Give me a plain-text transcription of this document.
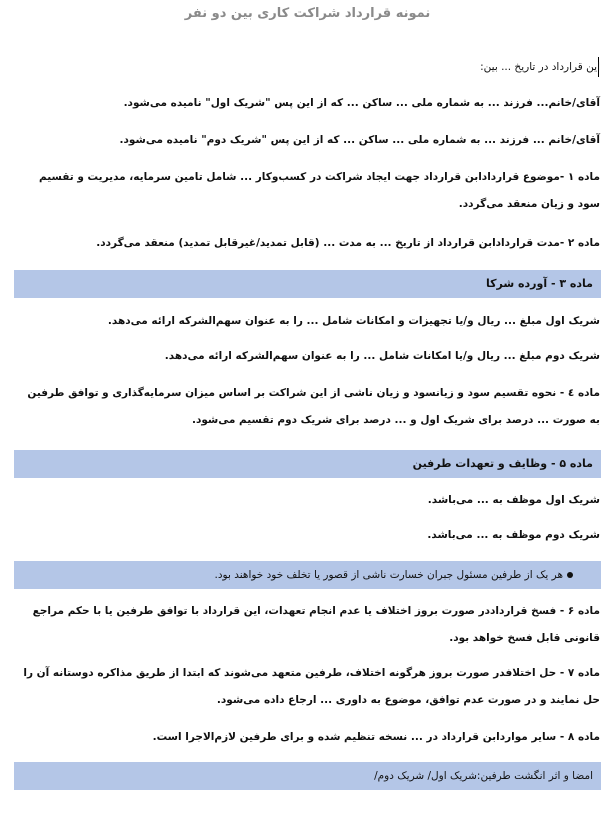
نمونه قرارداد شراکت کاری بین دو نفر
این قرارداد در تاریخ ... بین:
آقای/خانم... فرزند ... به شماره ملی ... ساکن ... که از این پس "شریک اول" نامیده می‌شود.
آقای/خانم ... فرزند ... به شماره ملی ... ساکن ... که از این پس "شریک دوم" نامیده می‌شود.
ماده ۱ -موضوع قراردادابن قرارداد جهت ایجاد شراکت در کسب‌وکار ... شامل تامین سرمایه، مدیریت و تقسیم سود و زیان منعقد می‌گردد.
ماده ۲ -مدت قراردادابن قرارداد از تاریخ ... به مدت ... (قابل تمدید/غیرقابل تمدید) منعقد می‌گردد.
ماده ۳ - آورده شرکا
شریک اول مبلغ ... ریال و/یا تجهیزات و امکانات شامل ... را به عنوان سهم‌الشرکه ارائه می‌دهد.
شریک دوم مبلغ ... ریال و/یا امکانات شامل ... را به عنوان سهم‌الشرکه ارائه می‌دهد.
ماده ٤ - نحوه تقسیم سود و زیانسود و زیان ناشی از این شراکت بر اساس میزان سرمایه‌گذاری و توافق طرفین به صورت ... درصد برای شریک اول و ... درصد برای شریک دوم تقسیم می‌شود.
ماده ۵ - وظایف و تعهدات طرفین
شریک اول موظف به ... می‌باشد.
شریک دوم موظف به ... می‌باشد.
هر یک از طرفین مسئول جبران خسارت ناشی از قصور یا تخلف خود خواهند بود.
ماده ۶ - فسخ قرارداددر صورت بروز اختلاف یا عدم انجام تعهدات، این قرارداد با توافق طرفین یا با حکم مراجع قانونی قابل فسخ خواهد بود.
ماده ۷ - حل اختلافدر صورت بروز هرگونه اختلاف، طرفین متعهد می‌شوند که ابتدا از طریق مذاکره دوستانه آن را حل نمایند و در صورت عدم توافق، موضوع به داوری ... ارجاع داده می‌شود.
ماده ۸ - سایر مواردابن قرارداد در ... نسخه تنظیم شده و برای طرفین لازم‌الاجرا است.
امضا و اثر انگشت طرفین:شریک اول/ شریک دوم/
